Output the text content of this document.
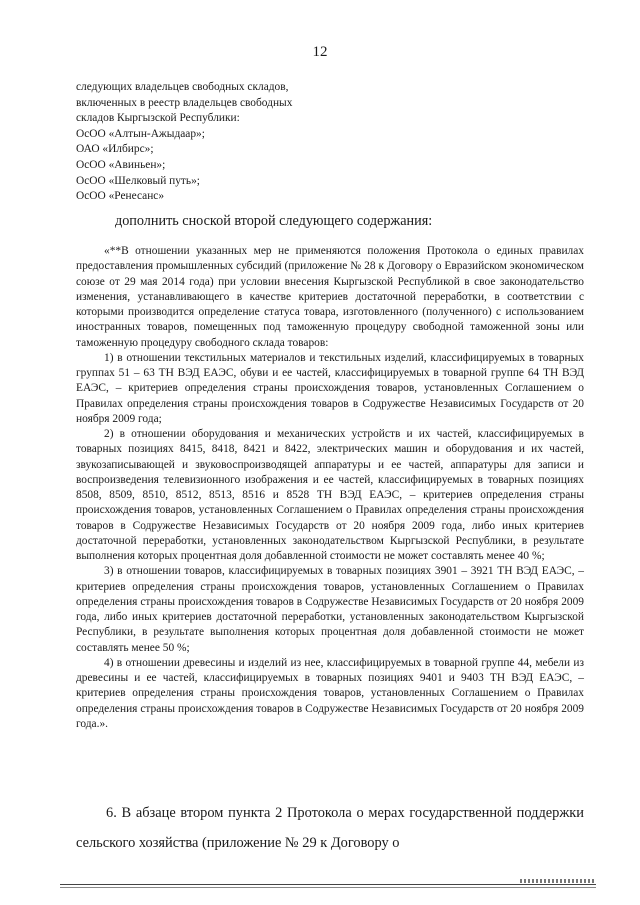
12
следующих владельцев свободных складов,
включенных в реестр владельцев свободных
складов Кыргызской Республики:
ОсОО «Алтын-Ажыдаар»;
ОАО «Илбирс»;
ОсОО «Авиньен»;
ОсОО «Шелковый путь»;
ОсОО «Ренесанс»
дополнить сноской второй следующего содержания:

«**В отношении указанных мер не применяются положения Протокола о единых правилах предоставления промышленных субсидий (приложение № 28 к Договору о Евразийском экономическом союзе от 29 мая 2014 года) при условии внесения Кыргызской Республикой в свое законодательство изменения, устанавливающего в качестве критериев достаточной переработки, в соответствии с которыми производится определение статуса товара, изготовленного (полученного) с использованием иностранных товаров, помещенных под таможенную процедуру свободной таможенной зоны или таможенную процедуру свободного склада товаров:

1) в отношении текстильных материалов и текстильных изделий, классифицируемых в товарных группах 51 – 63 ТН ВЭД ЕАЭС, обуви и ее частей, классифицируемых в товарной группе 64 ТН ВЭД ЕАЭС, – критериев определения страны происхождения товаров, установленных Соглашением о Правилах определения страны происхождения товаров в Содружестве Независимых Государств от 20 ноября 2009 года;

2) в отношении оборудования и механических устройств и их частей, классифицируемых в товарных позициях 8415, 8418, 8421 и 8422, электрических машин и оборудования и их частей, звукозаписывающей и звуковоспроизводящей аппаратуры и ее частей, аппаратуры для записи и воспроизведения телевизионного изображения и ее частей, классифицируемых в товарных позициях 8508, 8509, 8510, 8512, 8513, 8516 и 8528 ТН ВЭД ЕАЭС, – критериев определения страны происхождения товаров, установленных Соглашением о Правилах определения страны происхождения товаров в Содружестве Независимых Государств от 20 ноября 2009 года, либо иных критериев достаточной переработки, установленных законодательством Кыргызской Республики, в результате выполнения которых процентная доля добавленной стоимости не может составлять менее 40 %;

3) в отношении товаров, классифицируемых в товарных позициях 3901 – 3921 ТН ВЭД ЕАЭС, – критериев определения страны происхождения товаров, установленных Соглашением о Правилах определения страны происхождения товаров в Содружестве Независимых Государств от 20 ноября 2009 года, либо иных критериев достаточной переработки, установленных законодательством Кыргызской Республики, в результате выполнения которых процентная доля добавленной стоимости не может составлять менее 50 %;

4) в отношении древесины и изделий из нее, классифицируемых в товарной группе 44, мебели из древесины и ее частей, классифицируемых в товарных позициях 9401 и 9403 ТН ВЭД ЕАЭС, – критериев определения страны происхождения товаров, установленных Соглашением о Правилах определения страны происхождения товаров в Содружестве Независимых Государств от 20 ноября 2009 года.».

6. В абзаце втором пункта 2 Протокола о мерах государственной поддержки сельского хозяйства (приложение № 29 к Договору о
